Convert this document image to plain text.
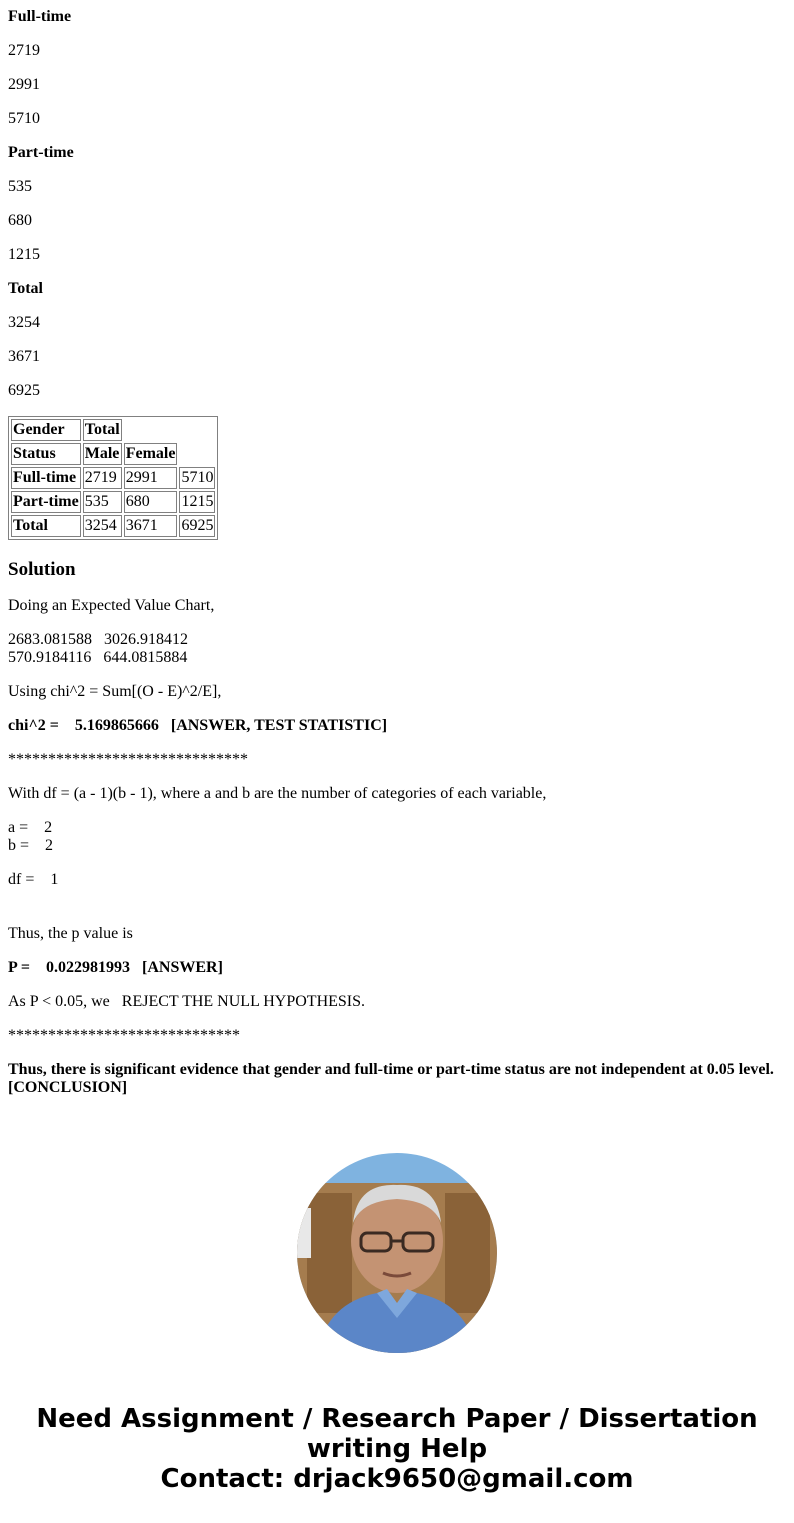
Full-time

2719

2991

5710

Part-time

535

680

1215

Total

3254

3671

6925

Gender	Total		
Status	Male	Female	
Full-time	2719	2991	5710
Part-time	535	680	1215
Total	3254	3671	6925
Solution

Doing an Expected Value Chart,

2683.081588   3026.918412
570.9184116   644.0815884

Using chi^2 = Sum[(O - E)^2/E],

chi^2 =    5.169865666   [ANSWER, TEST STATISTIC]

******************************

With df = (a - 1)(b - 1), where a and b are the number of categories of each variable,

a =    2
b =    2

df =    1

Thus, the p value is

P =    0.022981993   [ANSWER]

As P < 0.05, we   REJECT THE NULL HYPOTHESIS.

*****************************

Thus, there is significant evidence that gender and full-time or part-time status are not independent at 0.05 level. [CONCLUSION]

Need Assignment / Research Paper / Dissertation
writing Help
Contact: drjack9650@gmail.com
